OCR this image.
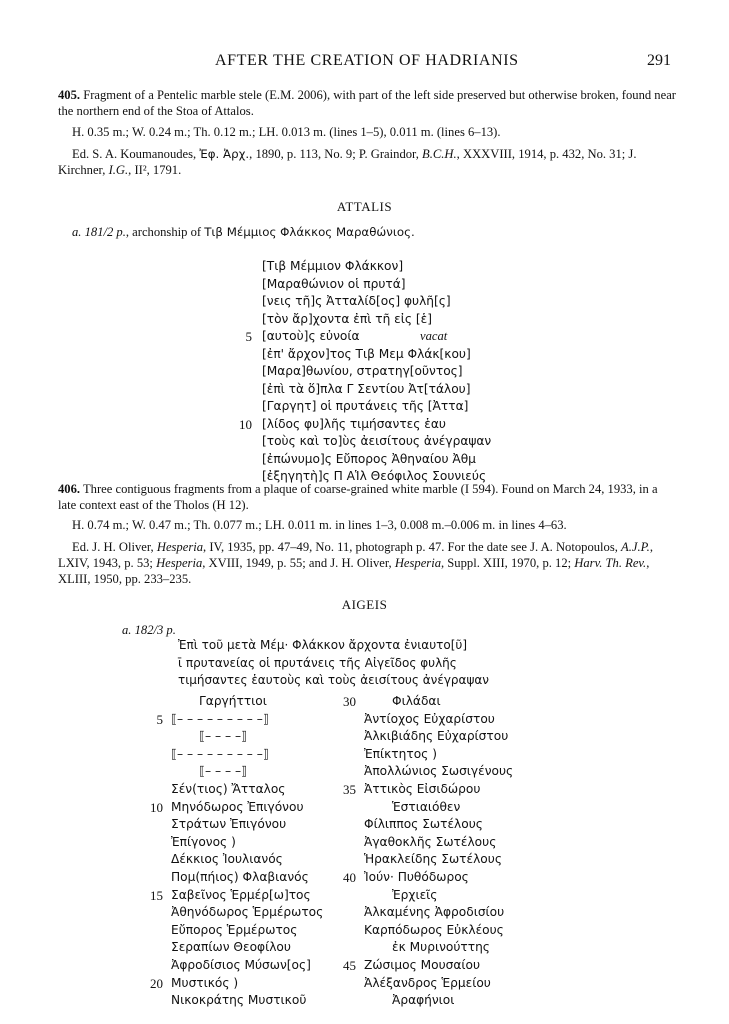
AFTER THE CREATION OF HADRIANIS	291

405. Fragment of a Pentelic marble stele (E.M. 2006), with part of the left side preserved but otherwise broken, found near the northern end of the Stoa of Attalos.

H. 0.35 m.; W. 0.24 m.; Th. 0.12 m.; LH. 0.013 m. (lines 1–5), 0.011 m. (lines 6–13).

Ed. S. A. Koumanoudes, Ἐφ. Ἀρχ., 1890, p. 113, No. 9; P. Graindor, B.C.H., XXXVIII, 1914, p. 432, No. 31; J. Kirchner, I.G., II², 1791.

ATTALIS

a. 181/2 p., archonship of Τιβ Μέμμιος Φλάκκος Μαραθώνιος.

[Τιβ Μέμμιον Φλάκκον]
[Μαραθώνιον οἱ πρυτά]
[νεις τῆ]ς Ἀτταλίδ[ος] φυλῆ[ς]
[τὸν ἄρ]χοντα ἐπὶ τῆ εἰς [ἑ]
5 [αυτοὺ]ς εὐνοία	vacat
[ἐπ' ἄρχον]τος Τιβ Μεμ Φλάκ[κου]
[Μαρα]θωνίου, στρατηγ[οῦντος]
[ἐπὶ τὰ ὅ]πλα Γ Σεντίου Ἀτ[τάλου]
[Γαργητ] οἱ πρυτάνεις τῆς [Ἀττα]
10 [λίδος φυ]λῆς τιμήσαντες ἑαυ
[τοὺς καὶ το]ὺς ἀεισίτους ἀνέγραψαν
[ἐπώνυμο]ς Εὔπορος Ἀθηναίου Ἀθμ
[ἐξηγητὴ]ς Π ΑἹλ Θεόφιλος Σουνιεύς

406. Three contiguous fragments from a plaque of coarse-grained white marble (I 594). Found on March 24, 1933, in a late context east of the Tholos (H 12).

H. 0.74 m.; W. 0.47 m.; Th. 0.077 m.; LH. 0.011 m. in lines 1–3, 0.008 m.–0.006 m. in lines 4–63.

Ed. J. H. Oliver, Hesperia, IV, 1935, pp. 47–49, No. 11, photograph p. 47. For the date see J. A. Notopoulos, A.J.P., LXIV, 1943, p. 53; Hesperia, XVIII, 1949, p. 55; and J. H. Oliver, Hesperia, Suppl. XIII, 1970, p. 12; Harv. Th. Rev., XLIII, 1950, pp. 233–235.

AIGEIS

a. 182/3 p.

Ἐπὶ τοῦ μετὰ Μέμ· Φλάκκον ἄρχοντα ἐνιαυτο[ῦ]
ῑ πρυτανείας οἱ πρυτάνεις τῆς Αἰγεῖδος φυλῆς
τιμήσαντες ἑαυτοὺς καὶ τοὺς ἀεισίτους ἀνέγραψαν
Γαργήττιοι
5 ⟦– – – – – – – – –⟧
⟦– – – –⟧
⟦– – – – – – – – –⟧
⟦– – – –⟧
Σέν(τιος) Ἄτταλος
10 Μηνόδωρος Ἐπιγόνου
Στράτων Ἐπιγόνου
Ἐπίγονος )
Δέκκιος Ἰουλιανός
Πομ(πήιος) Φλαβιανός
15 Σαβεῖνος Ἑρμέρ[ω]τος
Ἀθηνόδωρος Ἑρμέρωτος
Εὔπορος Ἑρμέρωτος
Σεραπίων Θεοφίλου
Ἀφροδίσιος Μύσων[ος]
20 Μυστικός )
Νικοκράτης Μυστικοῦ
30	Φιλάδαι
Ἀντίοχος Εὐχαρίστου
Ἀλκιβιάδης Εὐχαρίστου
Ἐπίκτητος )
Ἀπολλώνιος Σωσιγένους
35 Ἀττικὸς Εἰσιδώρου
Ἑστιαιόθεν
Φίλιππος Σωτέλους
Ἀγαθοκλῆς Σωτέλους
Ἡρακλείδης Σωτέλους
40 Ἰούν· Πυθόδωρος
Ἐρχιεῖς
Ἀλκαμένης Ἀφροδισίου
Καρπόδωρος Εὐκλέους
ἐκ Μυρινούττης
45 Ζώσιμος Μουσαίου
Ἀλέξανδρος Ἑρμείου
Ἀραφήνιοι
